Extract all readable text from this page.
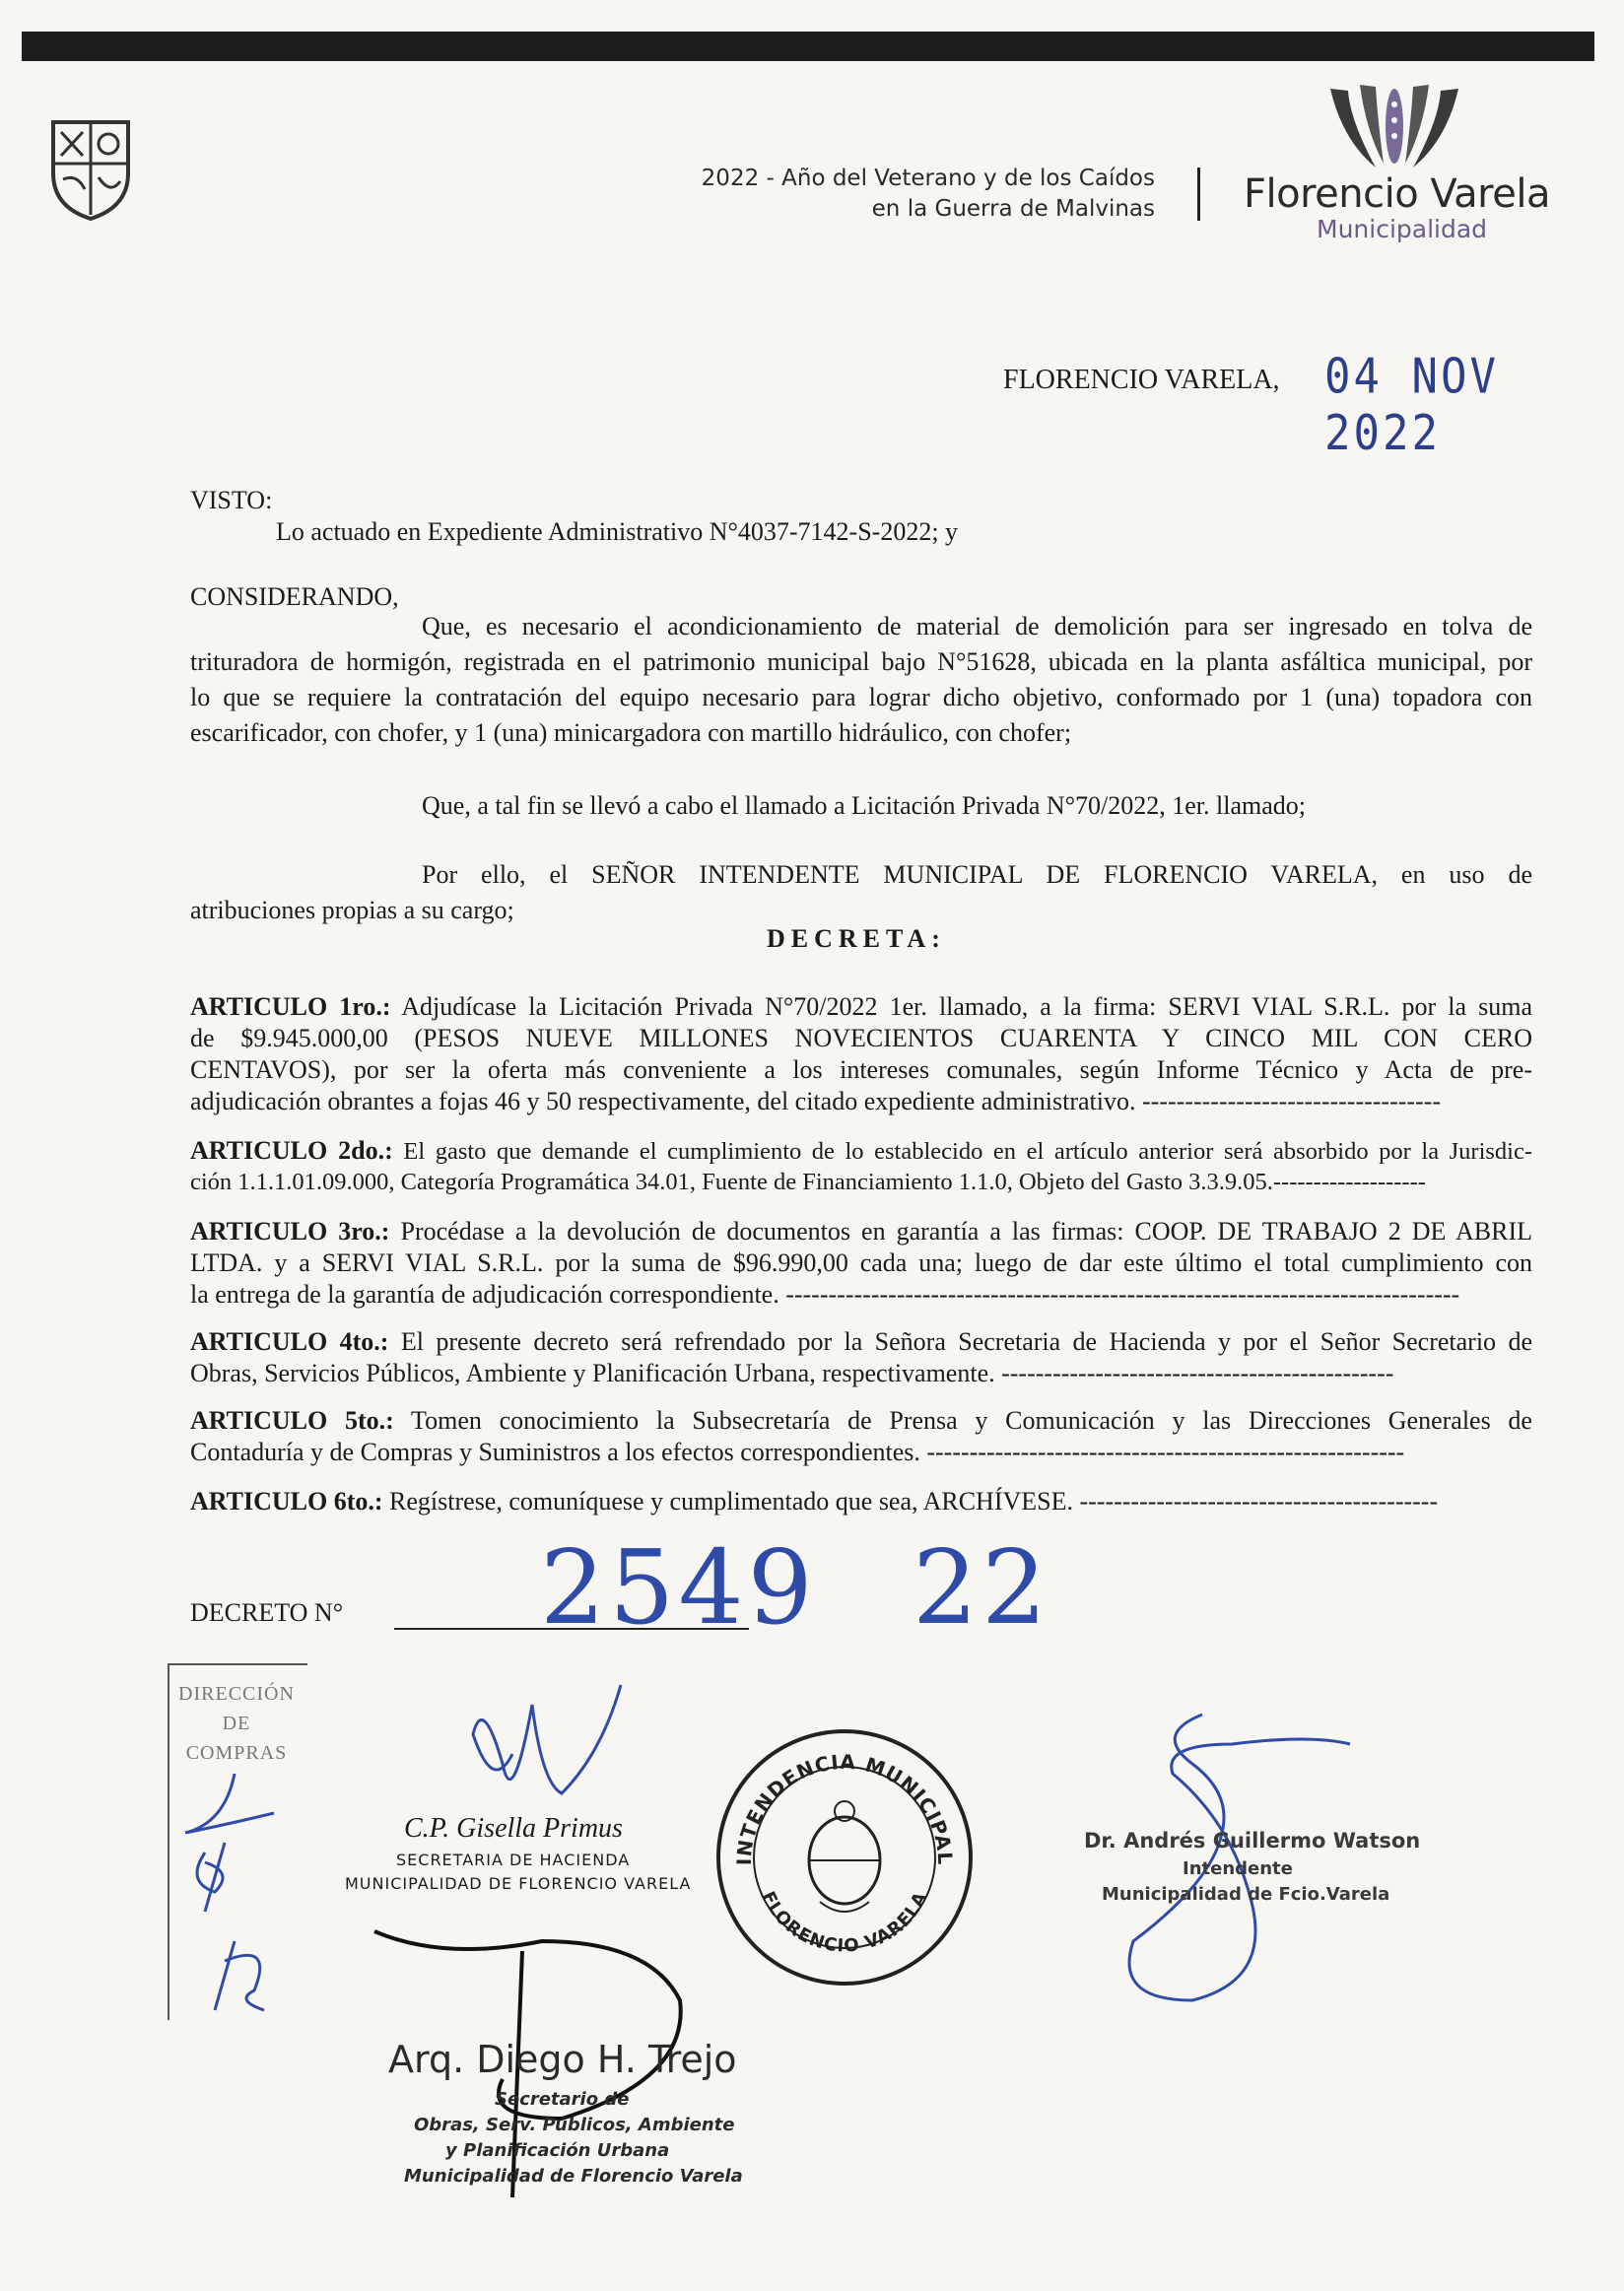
2022 - Año del Veterano y de los Caídos
en la Guerra de Malvinas Florencio Varela
Municipalidad
FLORENCIO VARELA, 04 NOV 2022
VISTO:
Lo actuado en Expediente Administrativo N°4037-7142-S-2022; y
CONSIDERANDO,
Que, es necesario el acondicionamiento de material de demolición para ser ingresado en tolva de
trituradora de hormigón, registrada en el patrimonio municipal bajo N°51628, ubicada en la planta asfáltica municipal, por
lo que se requiere la contratación del equipo necesario para lograr dicho objetivo, conformado por 1 (una) topadora con
escarificador, con chofer, y 1 (una) minicargadora con martillo hidráulico, con chofer;
Que, a tal fin se llevó a cabo el llamado a Licitación Privada N°70/2022, 1er. llamado;
Por ello, el SEÑOR INTENDENTE MUNICIPAL DE FLORENCIO VARELA, en uso de
atribuciones propias a su cargo;
DECRETA:
ARTICULO 1ro.: Adjudícase la Licitación Privada N°70/2022 1er. llamado, a la firma: SERVI VIAL S.R.L. por la suma
de $9.945.000,00 (PESOS NUEVE MILLONES NOVECIENTOS CUARENTA Y CINCO MIL CON CERO
CENTAVOS), por ser la oferta más conveniente a los intereses comunales, según Informe Técnico y Acta de pre-
adjudicación obrantes a fojas 46 y 50 respectivamente, del citado expediente administrativo. -----------------------------------
ARTICULO 2do.: El gasto que demande el cumplimiento de lo establecido en el artículo anterior será absorbido por la Jurisdic-
ción 1.1.1.01.09.000, Categoría Programática 34.01, Fuente de Financiamiento 1.1.0, Objeto del Gasto 3.3.9.05.-------------------
ARTICULO 3ro.: Procédase a la devolución de documentos en garantía a las firmas: COOP. DE TRABAJO 2 DE ABRIL
LTDA. y a SERVI VIAL S.R.L. por la suma de $96.990,00 cada una; luego de dar este último el total cumplimiento con
la entrega de la garantía de adjudicación correspondiente. -------------------------------------------------------------------------------
ARTICULO 4to.: El presente decreto será refrendado por la Señora Secretaria de Hacienda y por el Señor Secretario de
Obras, Servicios Públicos, Ambiente y Planificación Urbana, respectivamente. ----------------------------------------------
ARTICULO 5to.: Tomen conocimiento la Subsecretaría de Prensa y Comunicación y las Direcciones Generales de
Contaduría y de Compras y Suministros a los efectos correspondientes. --------------------------------------------------------
ARTICULO 6to.: Regístrese, comuníquese y cumplimentado que sea, ARCHÍVESE. ------------------------------------------
DECRETO N° 2549 22
DIRECCIÓN
DE
COMPRAS
C.P. Gisella Primus
SECRETARIA DE HACIENDA
MUNICIPALIDAD DE FLORENCIO VARELA
INTENDENCIA MUNICIPAL
FLORENCIO VARELA
Dr. Andrés Guillermo Watson
Intendente
Municipalidad de Fcio.Varela
Arq. Diego H. Trejo
Secretario de
Obras, Serv. Públicos, Ambiente
y Planificación Urbana
Municipalidad de Florencio Varela
